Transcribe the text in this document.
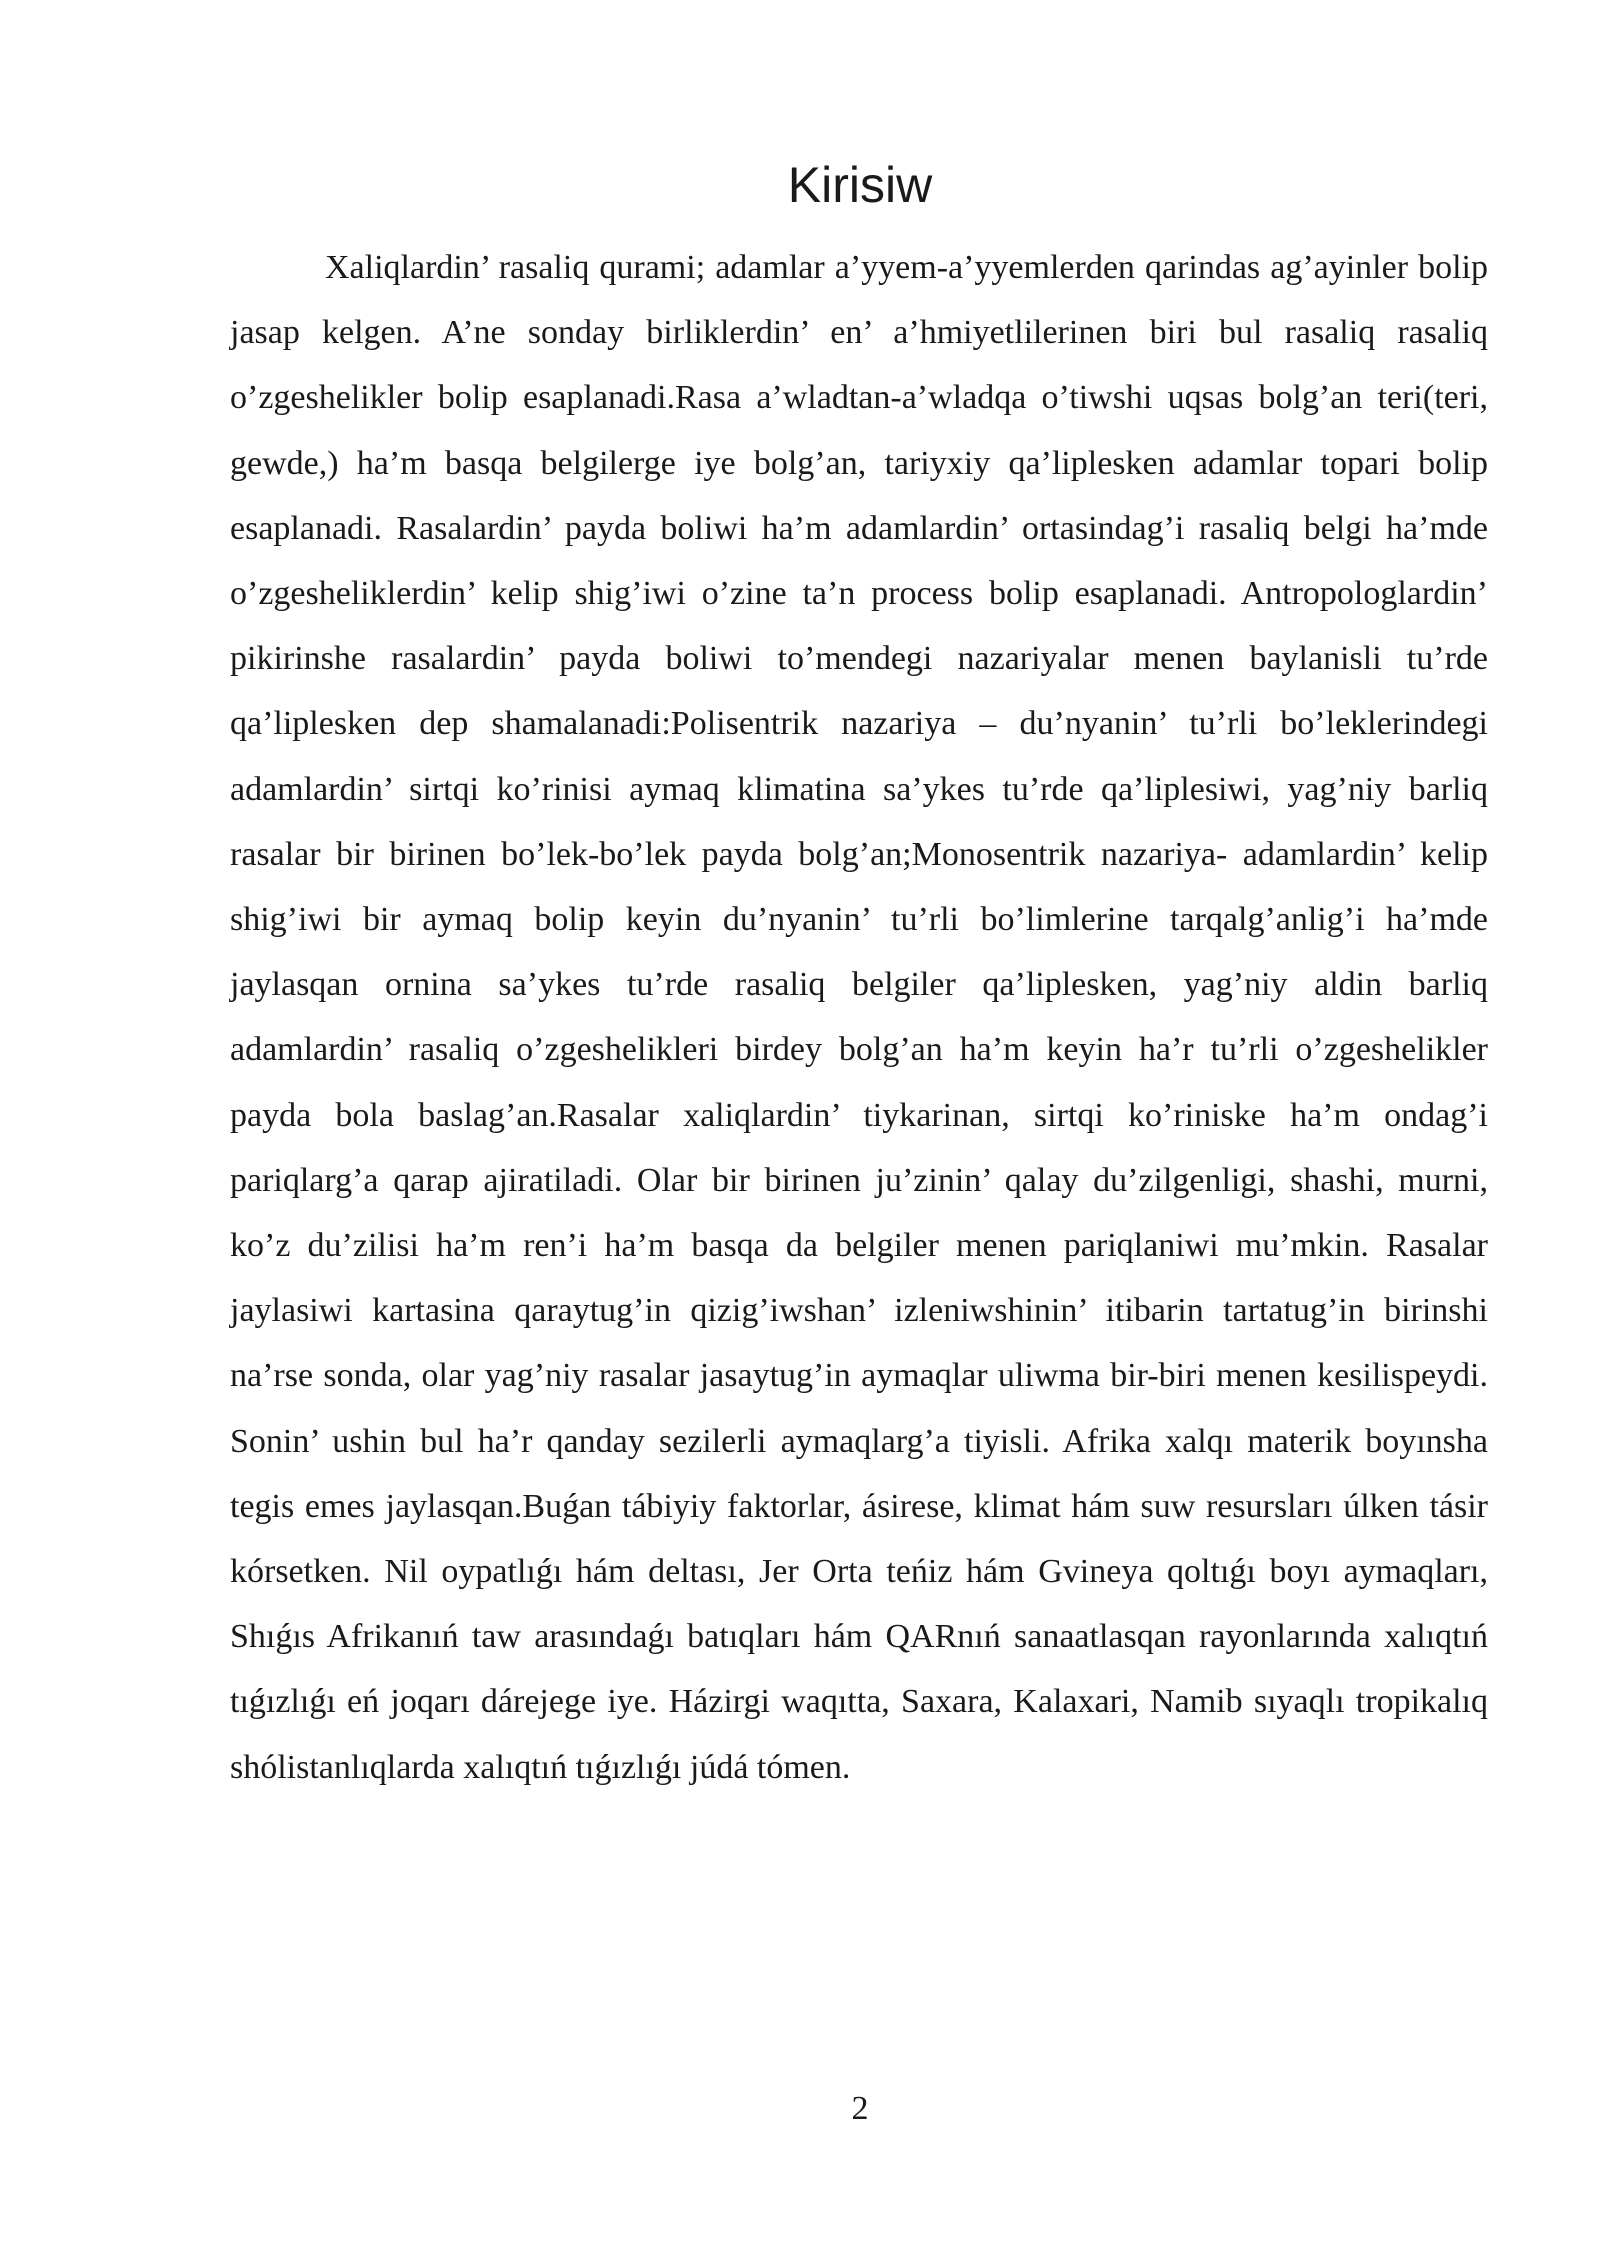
Kirisiw

Xaliqlardin’ rasaliq qurami; adamlar a’yyem-a’yyemlerden qarindas ag’ayinler bolip jasap kelgen. A’ne sonday birliklerdin’ en’ a’hmiyetlilerinen biri bul rasaliq rasaliq o’zgeshelikler bolip esaplanadi.Rasa a’wladtan-a’wladqa o’tiwshi uqsas bolg’an teri(teri, gewde,) ha’m basqa belgilerge iye bolg’an, tariyxiy qa’liplesken adamlar topari bolip esaplanadi. Rasalardin’ payda boliwi ha’m adamlardin’ ortasindag’i rasaliq belgi ha’mde o’zgesheliklerdin’ kelip shig’iwi o’zine ta’n process bolip esaplanadi. Antropologlardin’ pikirinshe rasalardin’ payda boliwi to’mendegi nazariyalar menen baylanisli tu’rde qa’liplesken dep shamalanadi:Polisentrik nazariya – du’nyanin’ tu’rli bo’leklerindegi adamlardin’ sirtqi ko’rinisi aymaq klimatina sa’ykes tu’rde qa’liplesiwi, yag’niy barliq rasalar bir birinen bo’lek-bo’lek payda bolg’an;Monosentrik nazariya- adamlardin’ kelip shig’iwi bir aymaq bolip keyin du’nyanin’ tu’rli bo’limlerine tarqalg’anlig’i ha’mde jaylasqan ornina sa’ykes tu’rde rasaliq belgiler qa’liplesken, yag’niy aldin barliq adamlardin’ rasaliq o’zgeshelikleri birdey bolg’an ha’m keyin ha’r tu’rli o’zgeshelikler payda bola baslag’an.Rasalar xaliqlardin’ tiykarinan, sirtqi ko’riniske ha’m ondag’i pariqlarg’a qarap ajiratiladi. Olar bir birinen ju’zinin’ qalay du’zilgenligi, shashi, murni, ko’z du’zilisi ha’m ren’i ha’m basqa da belgiler menen pariqlaniwi mu’mkin. Rasalar jaylasiwi kartasina qaraytug’in qizig’iwshan’ izleniwshinin’ itibarin tartatug’in birinshi na’rse sonda, olar yag’niy rasalar jasaytug’in aymaqlar uliwma bir-biri menen kesilispeydi. Sonin’ ushin bul ha’r qanday sezilerli aymaqlarg’a tiyisli. Afrika xalqı materik boyınsha tegis emes jaylasqan.Buǵan tábiyiy faktorlar, ásirese, klimat hám suw resursları úlken tásir kórsetken. Nil oypatlıǵı hám deltası, Jer Orta teńiz hám Gvineya qoltıǵı boyı aymaqları, Shıǵıs Afrikanıń taw arasındaǵı batıqları hám QARnıń sanaatlasqan rayonlarında xalıqtıń tıǵızlıǵı eń joqarı dárejege iye. Házirgi waqıtta, Saxara, Kalaxari, Namib sıyaqlı tropikalıq shólistanlıqlarda xalıqtıń tıǵızlıǵı júdá tómen.

2
